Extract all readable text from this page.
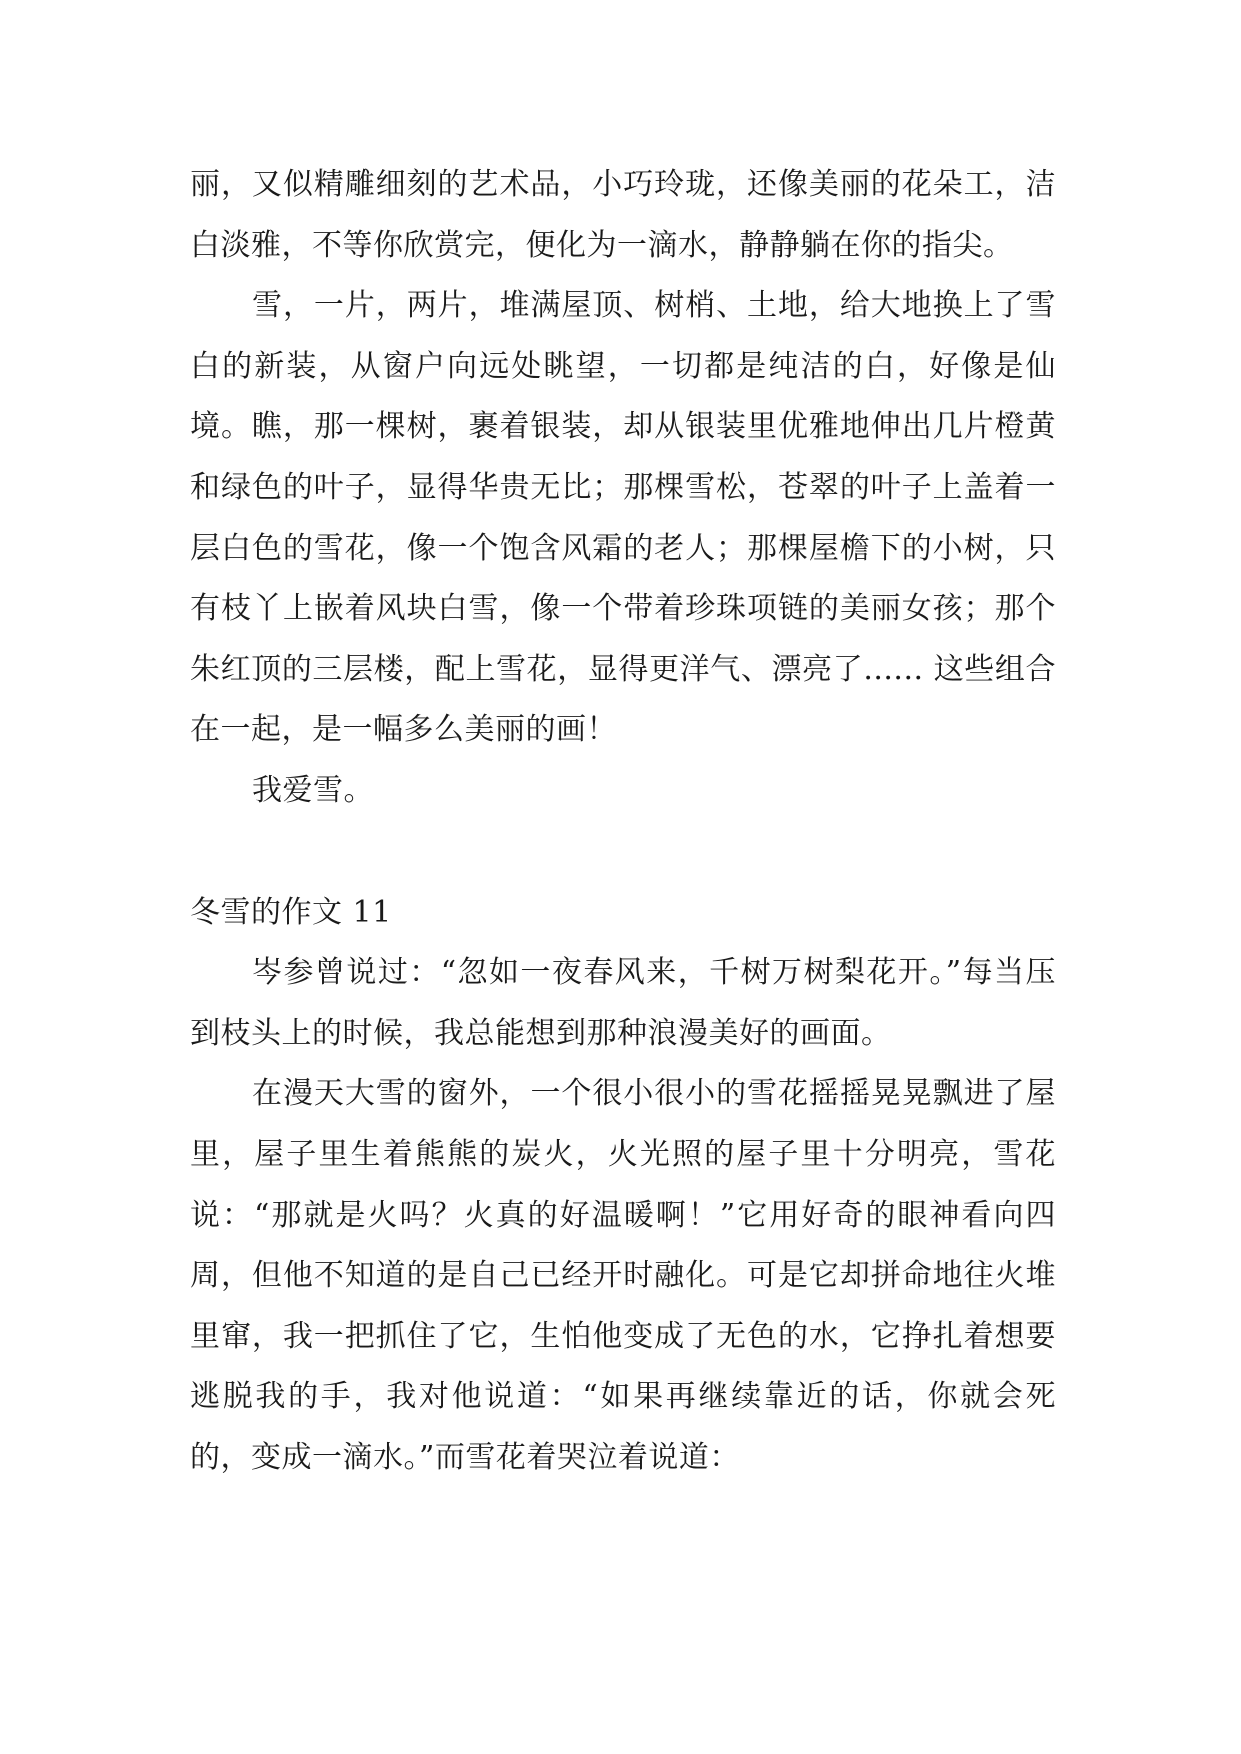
丽，又似精雕细刻的艺术品，小巧玲珑，还像美丽的花朵工，洁白淡雅，不等你欣赏完，便化为一滴水，静静躺在你的指尖。

雪，一片，两片，堆满屋顶、树梢、土地，给大地换上了雪白的新装，从窗户向远处眺望，一切都是纯洁的白，好像是仙境。瞧，那一棵树，裹着银装，却从银装里优雅地伸出几片橙黄和绿色的叶子，显得华贵无比；那棵雪松，苍翠的叶子上盖着一层白色的雪花，像一个饱含风霜的老人；那棵屋檐下的小树，只有枝丫上嵌着风块白雪，像一个带着珍珠项链的美丽女孩；那个朱红顶的三层楼，配上雪花，显得更洋气、漂亮了...... 这些组合在一起，是一幅多么美丽的画！

我爱雪。

冬雪的作文 11

岑参曾说过：“忽如一夜春风来，千树万树梨花开。”每当压到枝头上的时候，我总能想到那种浪漫美好的画面。

在漫天大雪的窗外，一个很小很小的雪花摇摇晃晃飘进了屋里，屋子里生着熊熊的炭火，火光照的屋子里十分明亮，雪花说：“那就是火吗？火真的好温暖啊！”它用好奇的眼神看向四周，但他不知道的是自己已经开时融化。可是它却拼命地往火堆里窜，我一把抓住了它，生怕他变成了无色的水，它挣扎着想要逃脱我的手，我对他说道：“如果再继续靠近的话，你就会死的，变成一滴水。”而雪花着哭泣着说道：
